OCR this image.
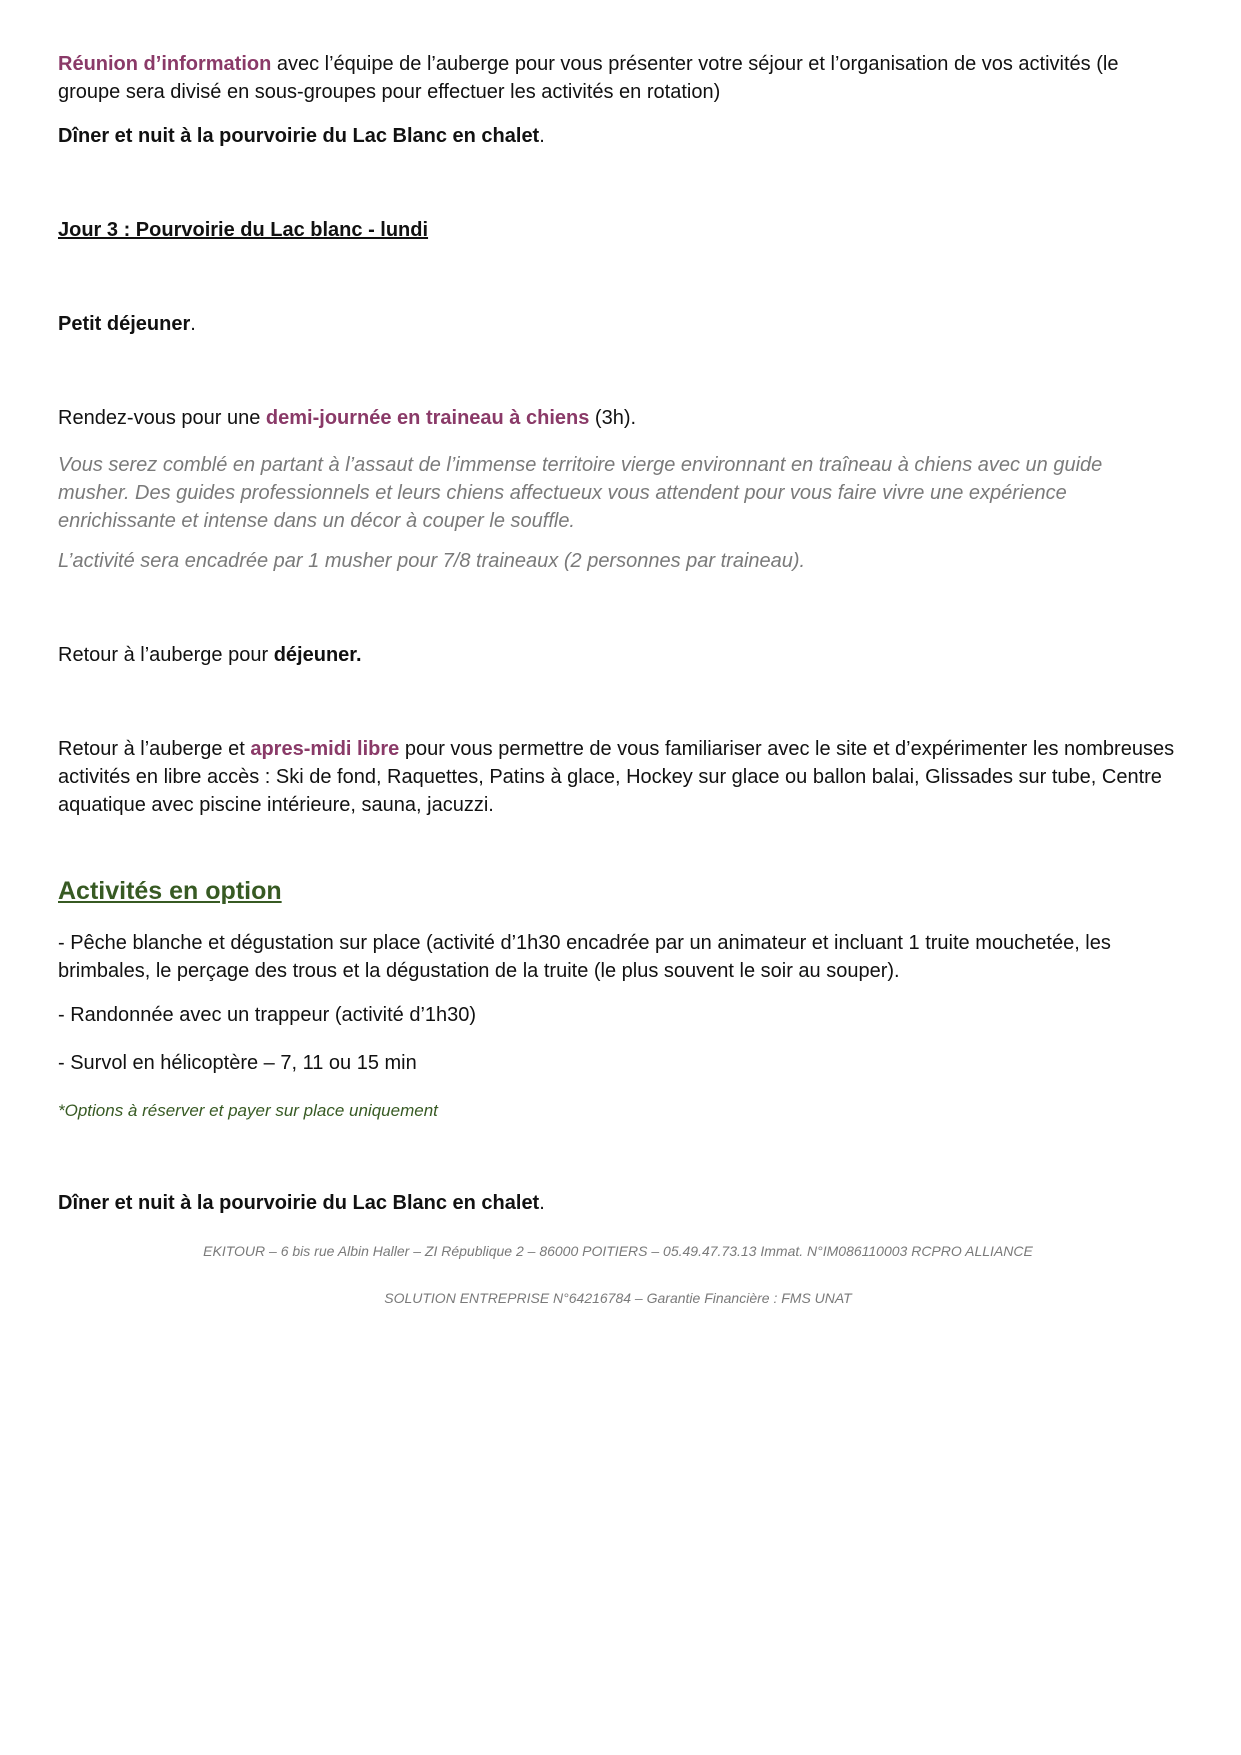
Réunion d’information avec l’équipe de l’auberge pour vous présenter votre séjour et l’organisation de vos activités (le groupe sera divisé en sous-groupes pour effectuer les activités en rotation)

Dîner et nuit à la pourvoirie du Lac Blanc en chalet.

Jour 3 : Pourvoirie du Lac blanc - lundi

Petit déjeuner.

Rendez-vous pour une demi-journée en traineau à chiens (3h).

Vous serez comblé en partant à l’assaut de l’immense territoire vierge environnant en traîneau à chiens avec un guide musher. Des guides professionnels et leurs chiens affectueux vous attendent pour vous faire vivre une expérience enrichissante et intense dans un décor à couper le souffle.

L’activité sera encadrée par 1 musher pour 7/8 traineaux (2 personnes par traineau).

Retour à l’auberge pour déjeuner.

Retour à l’auberge et apres-midi libre pour vous permettre de vous familiariser avec le site et d’expérimenter les nombreuses activités en libre accès : Ski de fond, Raquettes, Patins à glace, Hockey sur glace ou ballon balai, Glissades sur tube, Centre aquatique avec piscine intérieure, sauna, jacuzzi.

Activités en option

- Pêche blanche et dégustation sur place (activité d’1h30 encadrée par un animateur et incluant 1 truite mouchetée, les brimbales, le perçage des trous et la dégustation de la truite (le plus souvent le soir au souper).

- Randonnée avec un trappeur (activité d’1h30)

- Survol en hélicoptère – 7, 11 ou 15 min

*Options à réserver et payer sur place uniquement

Dîner et nuit à la pourvoirie du Lac Blanc en chalet.

EKITOUR – 6 bis rue Albin Haller – ZI République 2 – 86000 POITIERS – 05.49.47.73.13 Immat. N°IM086110003 RCPRO ALLIANCE
SOLUTION ENTREPRISE N°64216784 – Garantie Financière : FMS UNAT
